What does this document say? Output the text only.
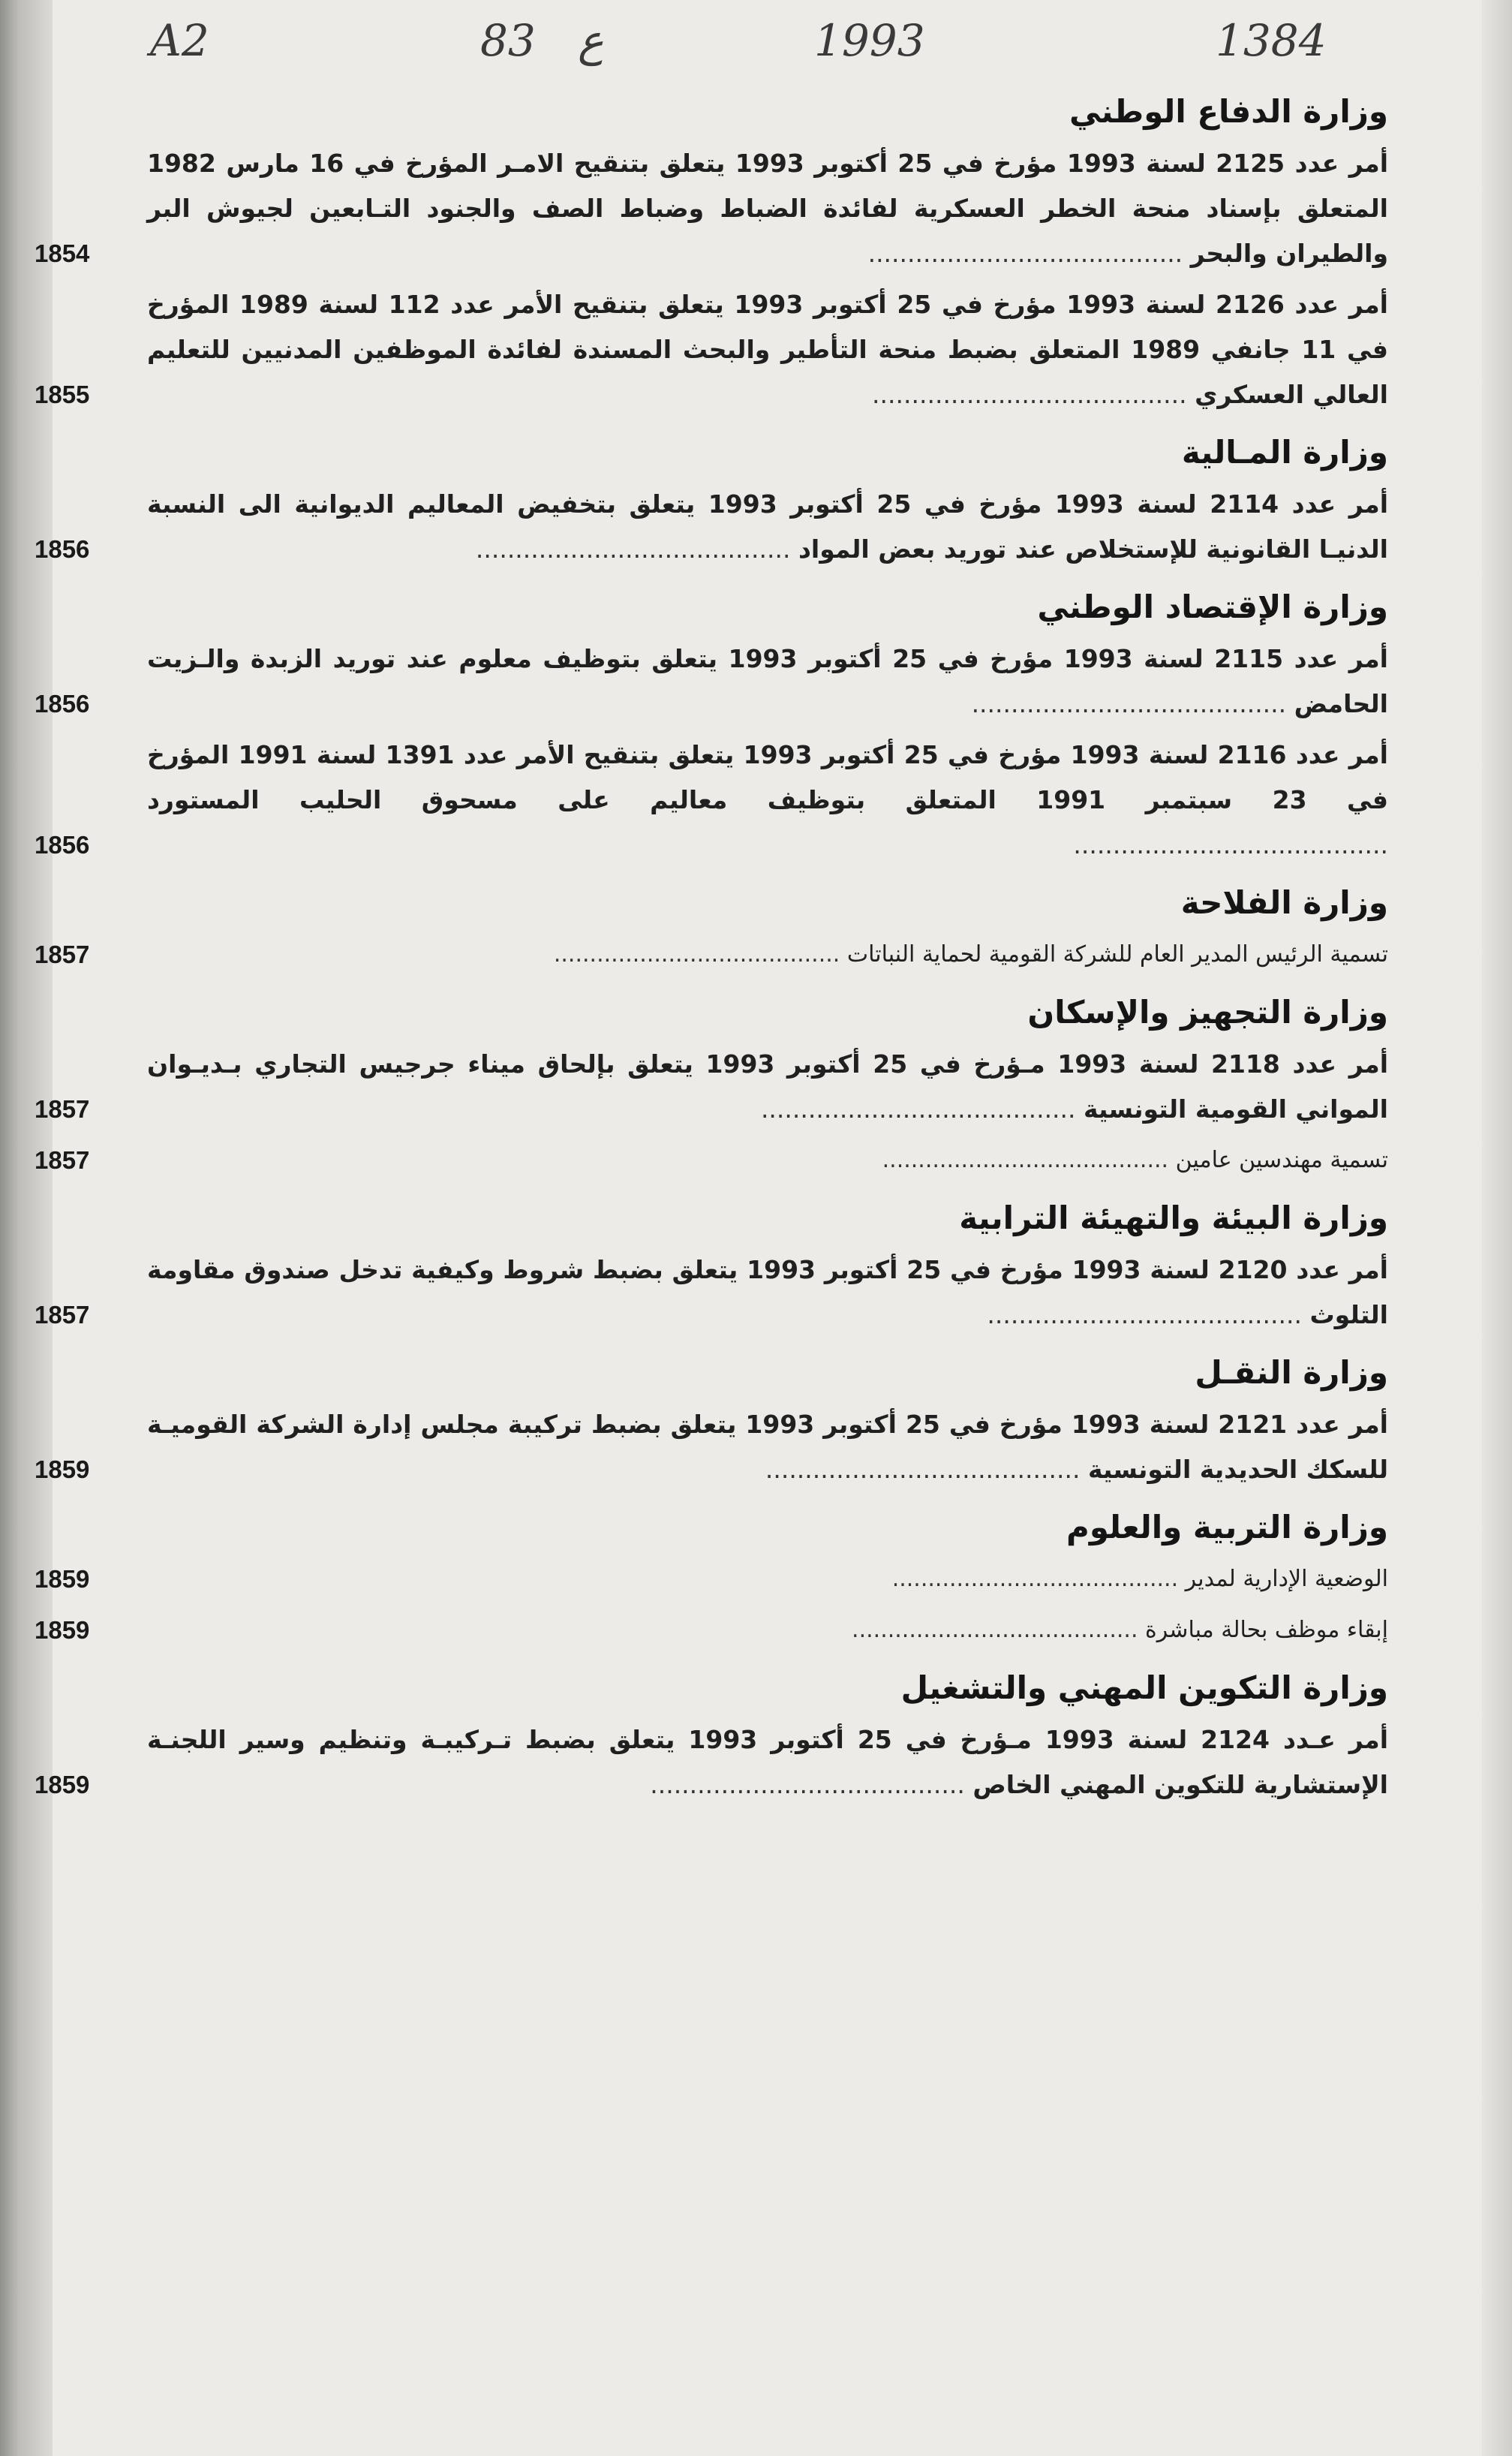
A2	83 ع	1993	1384
وزارة الدفاع الوطني
أمر عدد 2125 لسنة 1993 مؤرخ في 25 أكتوبر 1993 يتعلق بتنقيح الامـر المؤرخ في 16 مارس 1982 المتعلق بإسناد منحة الخطر العسكرية لفائدة الضباط وضباط الصف والجنود التـابعين لجيوش البر والطيران والبحر ........................................
1854
أمر عدد 2126 لسنة 1993 مؤرخ في 25 أكتوبر 1993 يتعلق بتنقيح الأمر عدد 112 لسنة 1989 المؤرخ في 11 جانفي 1989 المتعلق بضبط منحة التأطير والبحث المسندة لفائدة الموظفين المدنيين للتعليم العالي العسكري ........................................
1855
وزارة المـالية
أمر عدد 2114 لسنة 1993 مؤرخ في 25 أكتوبر 1993 يتعلق بتخفيض المعاليم الديوانية الى النسبة الدنيـا القانونية للإستخلاص عند توريد بعض المواد ........................................
1856
وزارة الإقتصاد الوطني
أمر عدد 2115 لسنة 1993 مؤرخ في 25 أكتوبر 1993 يتعلق بتوظيف معلوم عند توريد الزبدة والـزيت الحامض ........................................
1856
أمر عدد 2116 لسنة 1993 مؤرخ في 25 أكتوبر 1993 يتعلق بتنقيح الأمر عدد 1391 لسنة 1991 المؤرخ في 23 سبتمبر 1991 المتعلق بتوظيف معاليم على مسحوق الحليب المستورد ........................................
1856
وزارة الفلاحة
تسمية الرئيس المدير العام للشركة القومية لحماية النباتات ........................................
1857
وزارة التجهيز والإسكان
أمر عدد 2118 لسنة 1993 مـؤرخ في 25 أكتوبر 1993 يتعلق بإلحاق ميناء جرجيس التجاري بـديـوان المواني القومية التونسية ........................................
1857
تسمية مهندسين عامين ........................................
1857
وزارة البيئة والتهيئة الترابية
أمر عدد 2120 لسنة 1993 مؤرخ في 25 أكتوبر 1993 يتعلق بضبط شروط وكيفية تدخل صندوق مقاومة التلوث ........................................
1857
وزارة النقـل
أمر عدد 2121 لسنة 1993 مؤرخ في 25 أكتوبر 1993 يتعلق بضبط تركيبة مجلس إدارة الشركة القوميـة للسكك الحديدية التونسية ........................................
1859
وزارة التربية والعلوم
الوضعية الإدارية لمدير ........................................
1859
إبقاء موظف بحالة مباشرة ........................................
1859
وزارة التكوين المهني والتشغيل
أمر عـدد 2124 لسنة 1993 مـؤرخ في 25 أكتوبر 1993 يتعلق بضبط تـركيبـة وتنظيم وسير اللجنـة الإستشارية للتكوين المهني الخاص ........................................
1859
